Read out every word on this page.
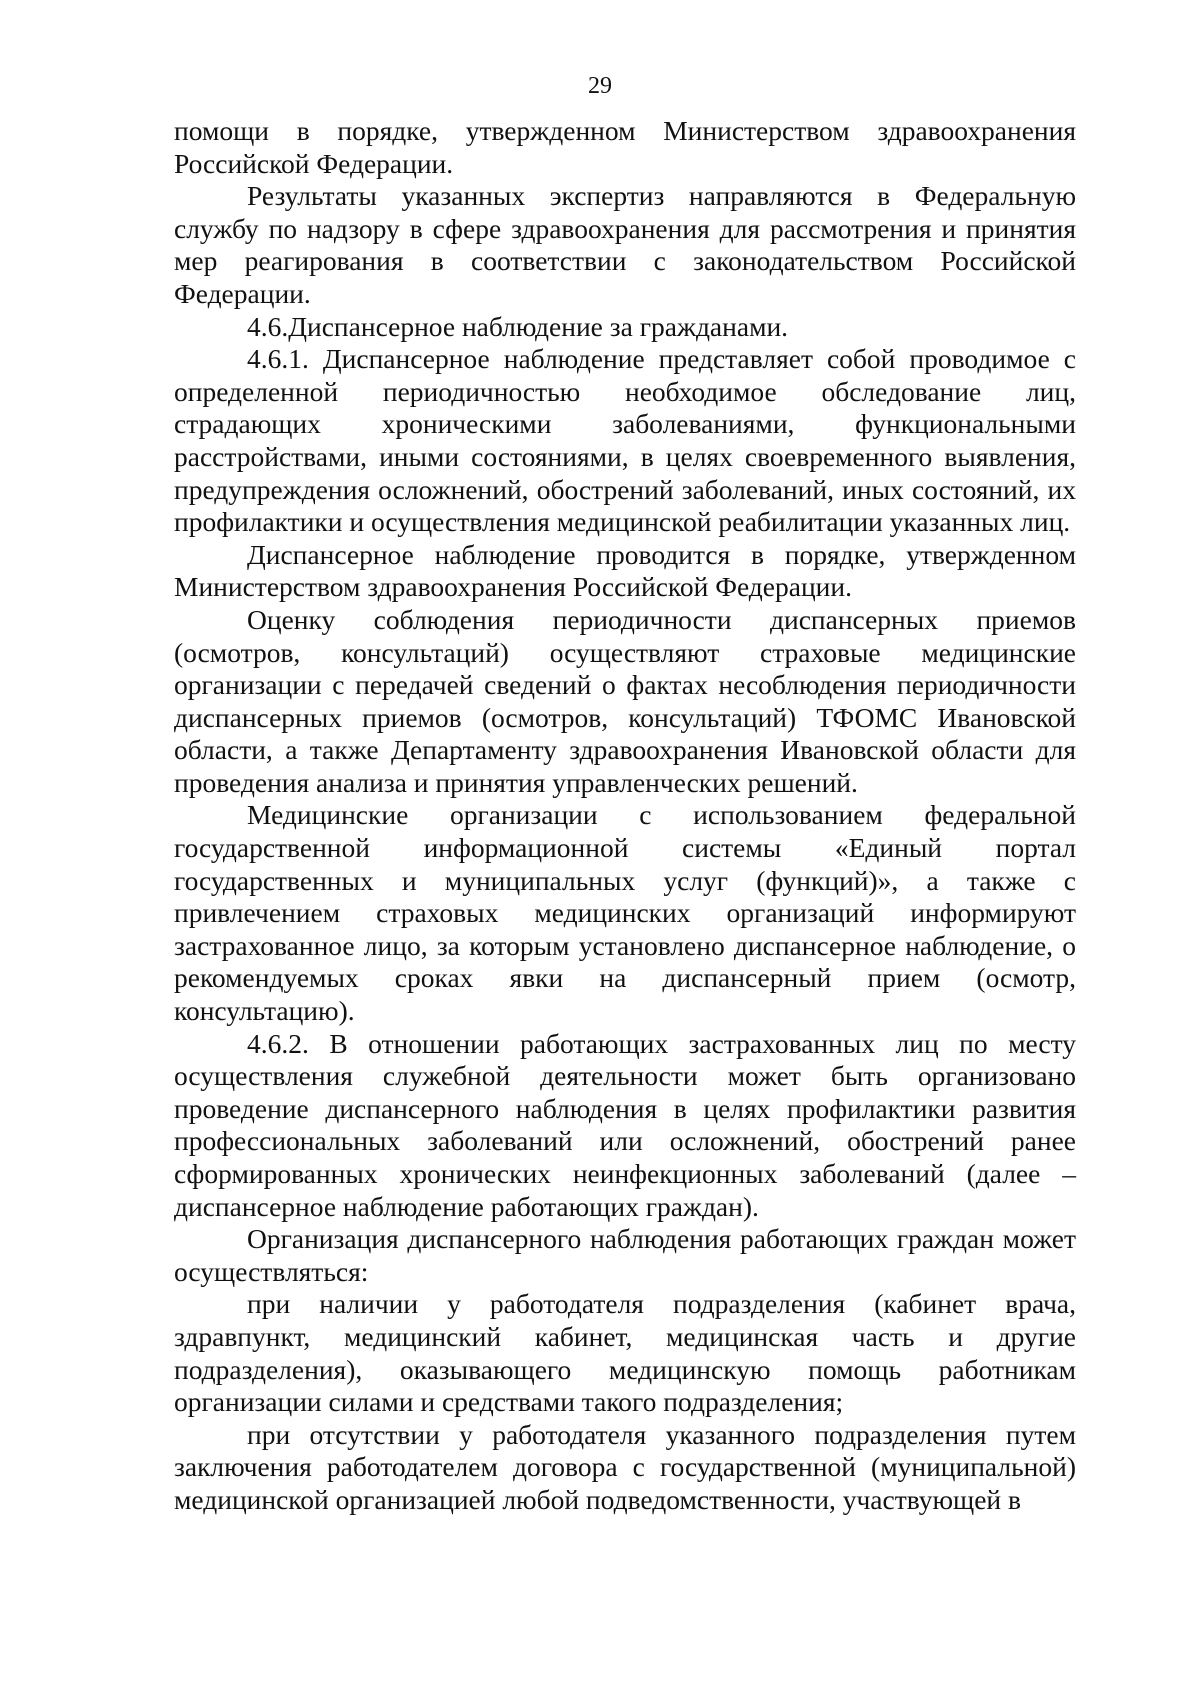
29

помощи в порядке, утвержденном Министерством здравоохранения Российской Федерации.

Результаты указанных экспертиз направляются в Федеральную службу по надзору в сфере здравоохранения для рассмотрения и принятия мер реагирования в соответствии с законодательством Российской Федерации.

4.6.Диспансерное наблюдение за гражданами.

4.6.1. Диспансерное наблюдение представляет собой проводимое с определенной периодичностью необходимое обследование лиц, страдающих хроническими заболеваниями, функциональными расстройствами, иными состояниями, в целях своевременного выявления, предупреждения осложнений, обострений заболеваний, иных состояний, их профилактики и осуществления медицинской реабилитации указанных лиц.

Диспансерное наблюдение проводится в порядке, утвержденном Министерством здравоохранения Российской Федерации.

Оценку соблюдения периодичности диспансерных приемов (осмотров, консультаций) осуществляют страховые медицинские организации с передачей сведений о фактах несоблюдения периодичности диспансерных приемов (осмотров, консультаций) ТФОМС Ивановской области, а также Департаменту здравоохранения Ивановской области для проведения анализа и принятия управленческих решений.

Медицинские организации с использованием федеральной государственной информационной системы «Единый портал государственных и муниципальных услуг (функций)», а также с привлечением страховых медицинских организаций информируют застрахованное лицо, за которым установлено диспансерное наблюдение, о рекомендуемых сроках явки на диспансерный прием (осмотр, консультацию).

4.6.2. В отношении работающих застрахованных лиц по месту осуществления служебной деятельности может быть организовано проведение диспансерного наблюдения в целях профилактики развития профессиональных заболеваний или осложнений, обострений ранее сформированных хронических неинфекционных заболеваний (далее – диспансерное наблюдение работающих граждан).

Организация диспансерного наблюдения работающих граждан может осуществляться:

при наличии у работодателя подразделения (кабинет врача, здравпункт, медицинский кабинет, медицинская часть и другие подразделения), оказывающего медицинскую помощь работникам организации силами и средствами такого подразделения;

при отсутствии у работодателя указанного подразделения путем заключения работодателем договора с государственной (муниципальной) медицинской организацией любой подведомственности, участвующей в
